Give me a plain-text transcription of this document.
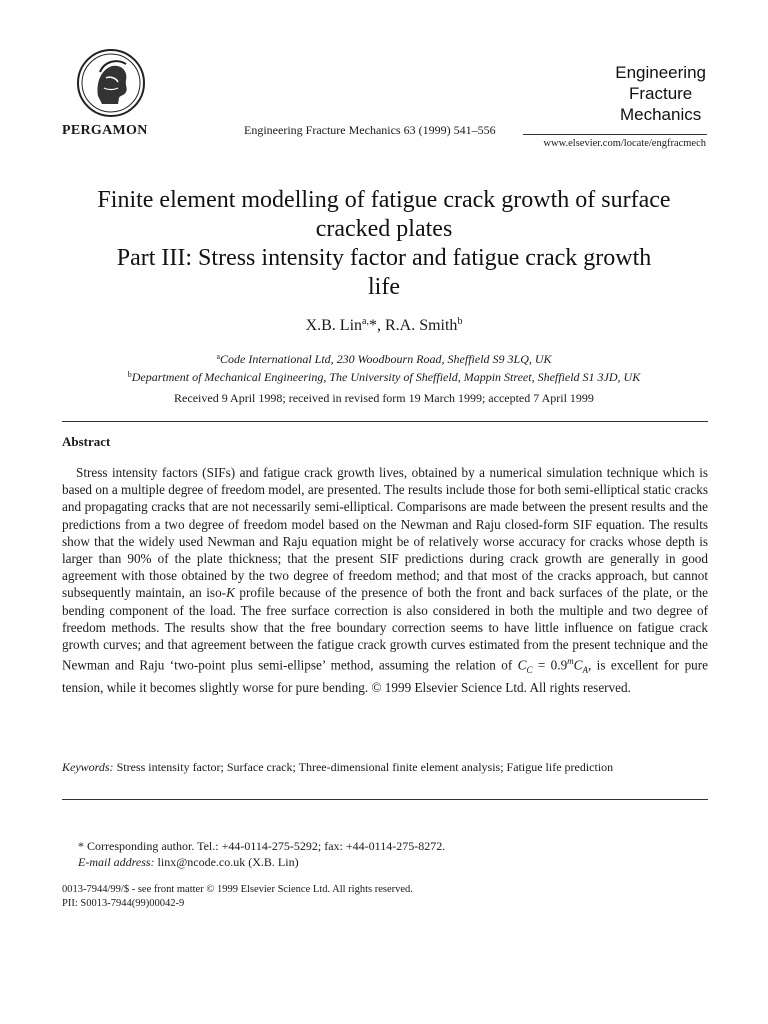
PERGAMON	Engineering Fracture Mechanics 63 (1999) 541–556
Engineering
Fracture
Mechanics
www.elsevier.com/locate/engfracmech
Finite element modelling of fatigue crack growth of surface
cracked plates
Part III: Stress intensity factor and fatigue crack growth
life
X.B. Lin$^{a,}$*, R.A. Smith$^b$
$^a$Code International Ltd, 230 Woodbourn Road, Sheffield S9 3LQ, UK
$^b$Department of Mechanical Engineering, The University of Sheffield, Mappin Street, Sheffield S1 3JD, UK
Received 9 April 1998; received in revised form 19 March 1999; accepted 7 April 1999
Abstract
Stress intensity factors (SIFs) and fatigue crack growth lives, obtained by a numerical simulation technique which is based on a multiple degree of freedom model, are presented. The results include those for both semi-elliptical static cracks and propagating cracks that are not necessarily semi-elliptical. Comparisons are made between the present results and the predictions from a two degree of freedom model based on the Newman and Raju closed-form SIF equation. The results show that the widely used Newman and Raju equation might be of relatively worse accuracy for cracks whose depth is larger than 90% of the plate thickness; that the present SIF predictions during crack growth are generally in good agreement with those obtained by the two degree of freedom method; and that most of the cracks approach, but cannot subsequently maintain, an iso-K profile because of the presence of both the front and back surfaces of the plate, or the bending component of the load. The free surface correction is also considered in both the multiple and two degree of freedom methods. The results show that the free boundary correction seems to have little influence on fatigue crack growth curves; and that agreement between the fatigue crack growth curves estimated from the present technique and the Newman and Raju ‘two-point plus semi-ellipse’ method, assuming the relation of $C_C = 0.9^mC_A$, is excellent for pure tension, while it becomes slightly worse for pure bending. © 1999 Elsevier Science Ltd. All rights reserved.
Keywords: Stress intensity factor; Surface crack; Three-dimensional finite element analysis; Fatigue life prediction
* Corresponding author. Tel.: +44-0114-275-5292; fax: +44-0114-275-8272.
E-mail address: linx@ncode.co.uk (X.B. Lin)
0013-7944/99/$ - see front matter © 1999 Elsevier Science Ltd. All rights reserved.
PII: S0013-7944(99)00042-9
